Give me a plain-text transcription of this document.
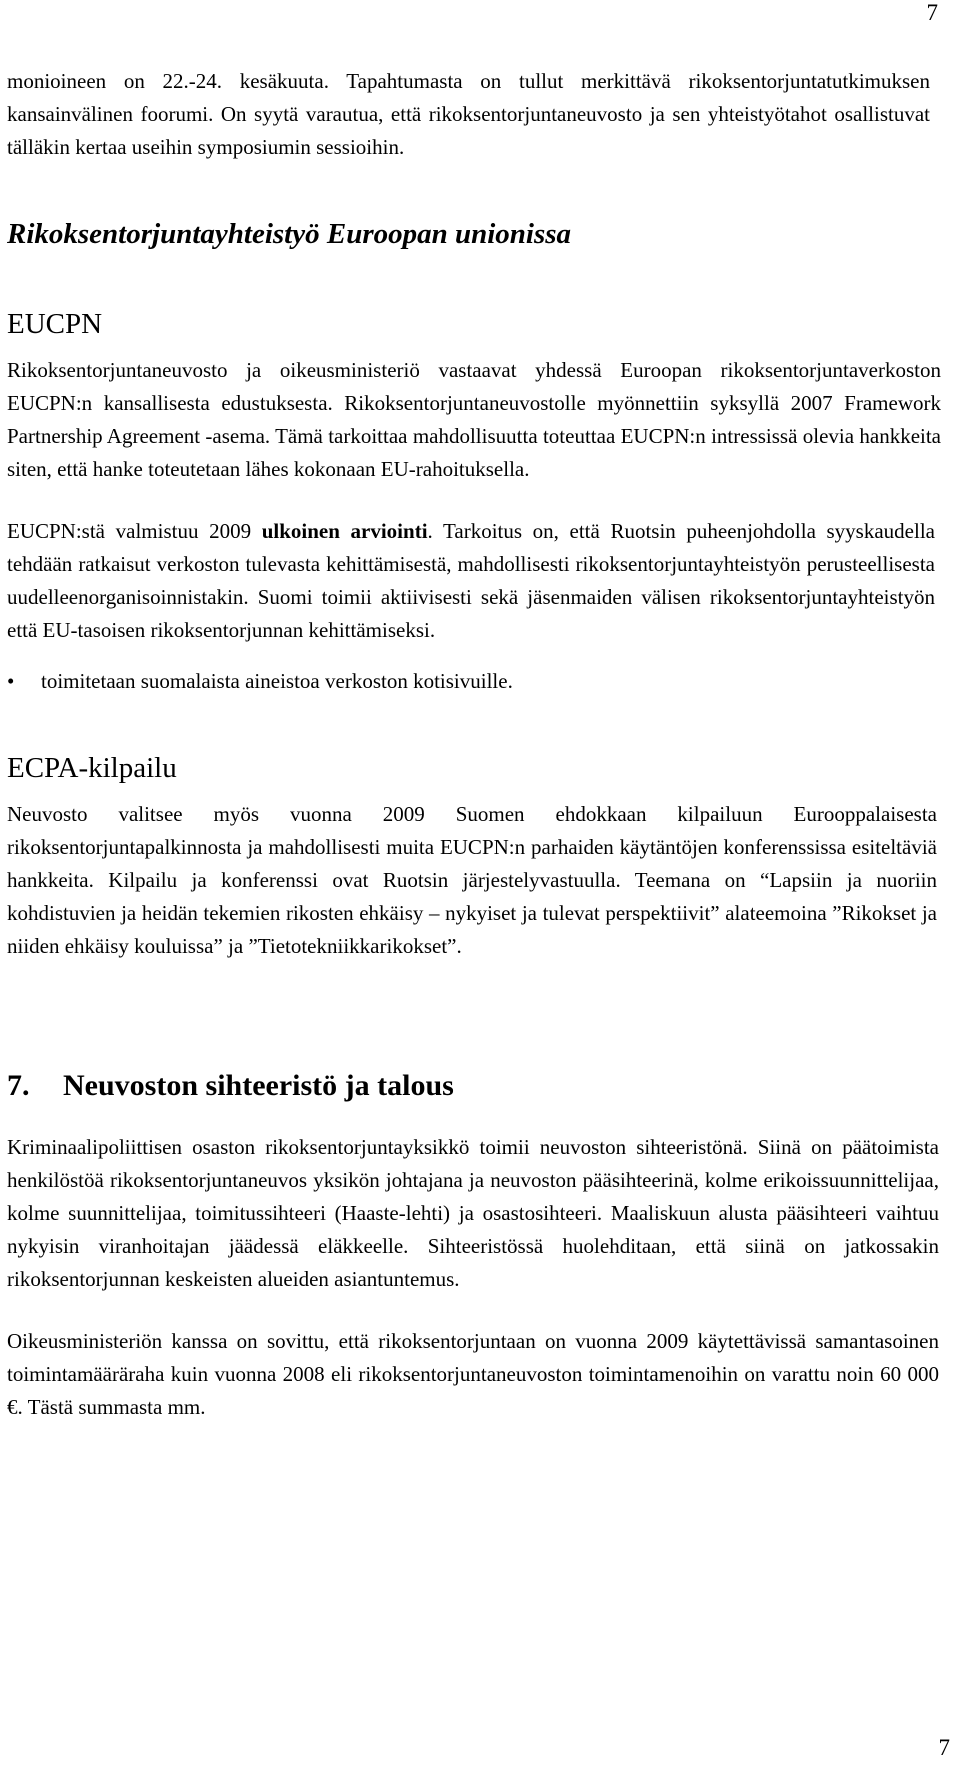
7

monioineen on 22.-24. kesäkuuta. Tapahtumasta on tullut merkittävä rikoksentorjuntatutkimuksen kansainvälinen foorumi. On syytä varautua, että rikoksentorjuntaneuvosto ja sen yhteistyötahot osallistuvat tälläkin kertaa useihin symposiumin sessioihin.

Rikoksentorjuntayhteistyö Euroopan unionissa
EUCPN

Rikoksentorjuntaneuvosto ja oikeusministeriö vastaavat yhdessä Euroopan rikoksentorjuntaverkoston EUCPN:n kansallisesta edustuksesta. Rikoksentorjuntaneuvostolle myönnettiin syksyllä 2007 Framework Partnership Agreement -asema. Tämä tarkoittaa mahdollisuutta toteuttaa EUCPN:n intressissä olevia hankkeita siten, että hanke toteutetaan lähes kokonaan EU-rahoituksella.

EUCPN:stä valmistuu 2009 ulkoinen arviointi. Tarkoitus on, että Ruotsin puheenjohdolla syyskaudella tehdään ratkaisut verkoston tulevasta kehittämisestä, mahdollisesti rikoksentorjuntayhteistyön perusteellisesta uudelleenorganisoinnistakin. Suomi toimii aktiivisesti sekä jäsenmaiden välisen rikoksentorjuntayhteistyön että EU-tasoisen rikoksentorjunnan kehittämiseksi.

•	toimitetaan suomalaista aineistoa verkoston kotisivuille.
ECPA-kilpailu

Neuvosto valitsee myös vuonna 2009 Suomen ehdokkaan kilpailuun Eurooppalaisesta rikoksentorjuntapalkinnosta ja mahdollisesti muita EUCPN:n parhaiden käytäntöjen konferenssissa esiteltäviä hankkeita. Kilpailu ja konferenssi ovat Ruotsin järjestelyvastuulla. Teemana on “Lapsiin ja nuoriin kohdistuvien ja heidän tekemien rikosten ehkäisy – nykyiset ja tulevat perspektiivit” alateemoina ”Rikokset ja niiden ehkäisy kouluissa” ja ”Tietotekniikkarikokset”.

7.	Neuvoston sihteeristö ja talous

Kriminaalipoliittisen osaston rikoksentorjuntayksikkö toimii neuvoston sihteeristönä. Siinä on päätoimista henkilöstöä rikoksentorjuntaneuvos yksikön johtajana ja neuvoston pääsihteerinä, kolme erikoissuunnittelijaa, kolme suunnittelijaa, toimitussihteeri (Haaste-lehti) ja osastosihteeri. Maaliskuun alusta pääsihteeri vaihtuu nykyisin viranhoitajan jäädessä eläkkeelle. Sihteeristössä huolehditaan, että siinä on jatkossakin rikoksentorjunnan keskeisten alueiden asiantuntemus.

Oikeusministeriön kanssa on sovittu, että rikoksentorjuntaan on vuonna 2009 käytettävissä samantasoinen toimintamääräraha kuin vuonna 2008 eli rikoksentorjuntaneuvoston toimintamenoihin on varattu noin 60 000 €. Tästä summasta mm.

7
